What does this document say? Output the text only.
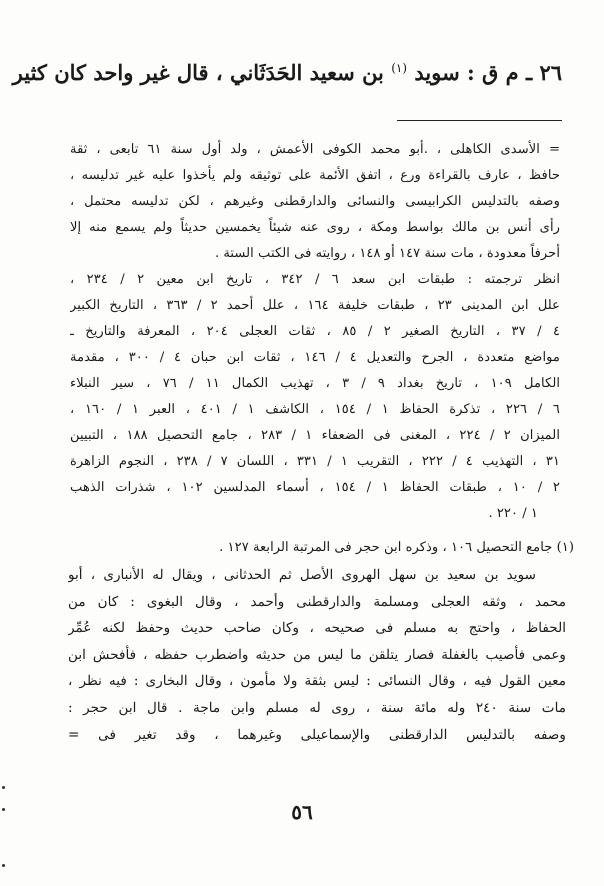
٢٦ ـ م ق : سويد $^{(١)}$ بن سعيد الحَدَثَاني ، قال غير واحد كان كثير
= الأسدى الكاهلى ، .أبو محمد الكوفى الأعمش ، ولد أول سنة ٦١ تابعى ، ثقة
حافظ ، عارف بالقراءة ورع ، اتفق الأئمة على توثيقه ولم يأخذوا عليه غير تدليسه ،
وصفه بالتدليس الكرابيسى والنسائى والدارقطنى وغيرهم ، لكن تدليسه محتمل ،
رأى أنس بن مالك بواسط ومكة ، روى عنه شيئاً يخمسين حديثاً ولم يسمع منه إلا
أحرفاً معدودة ، مات سنة ١٤٧ أو ١٤٨ ، روايته فى الكتب الستة .
انظر ترجمته : طبقات ابن سعد ٦ / ٣٤٢ ، تاريخ ابن معين ٢ / ٢٣٤ ،
علل ابن المدينى ٢٣ ، طبقات خليفة ١٦٤ ، علل أحمد ٢ / ٣٦٣ ، التاريخ الكبير
٤ / ٣٧ ، التاريخ الصغير ٢ / ٨٥ ، ثقات العجلى ٢٠٤ ، المعرفة والتاريخ ـ
مواضع متعددة ، الجرح والتعديل ٤ / ١٤٦ ، ثقات ابن حبان ٤ / ٣٠٠ ، مقدمة
الكامل ١٠٩ ، تاريخ بغداد ٩ / ٣ ، تهذيب الكمال ١١ / ٧٦ ، سير النبلاء
٦ / ٢٢٦ ، تذكرة الحفاظ ١ / ١٥٤ ، الكاشف ١ / ٤٠١ ، العبر ١ / ١٦٠ ،
الميزان ٢ / ٢٢٤ ، المغنى فى الضعفاء ١ / ٢٨٣ ، جامع التحصيل ١٨٨ ، التبيين
٣١ ، التهذيب ٤ / ٢٢٢ ، التقريب ١ / ٣٣١ ، اللسان ٧ / ٢٣٨ ، النجوم الزاهرة
٢ / ١٠ ، طبقات الحفاظ ١ / ١٥٤ ، أسماء المدلسين ١٠٢ ، شذرات الذهب
١ / ٢٢٠ .
(١) جامع التحصيل ١٠٦ ، وذكره ابن حجر فى المرتبة الرابعة ١٢٧ .
سويد بن سعيد بن سهل الهروى الأصل ثم الحدثانى ، ويقال له الأنبارى ، أبو
محمد ، وثقه العجلى ومسلمة والدارقطنى وأحمد ، وقال البغوى : كان من
الحفاظ ، واحتج به مسلم فى صحيحه ، وكان صاحب حديث وحفظ لكنه عُمِّر
وعمى فأصيب بالغفلة فصار يتلقن ما ليس من حديثه واضطرب حفظه ، فأفحش ابن
معين القول فيه ، وقال النسائى : ليس بثقة ولا مأمون ، وقال البخارى : فيه نظر ،
مات سنة ٢٤٠ وله مائة سنة ، روى له مسلم وابن ماجة . قال ابن حجر :
وصفه بالتدليس الدارقطنى والإسماعيلى وغيرهما ، وقد تغير فى =
٥٦
